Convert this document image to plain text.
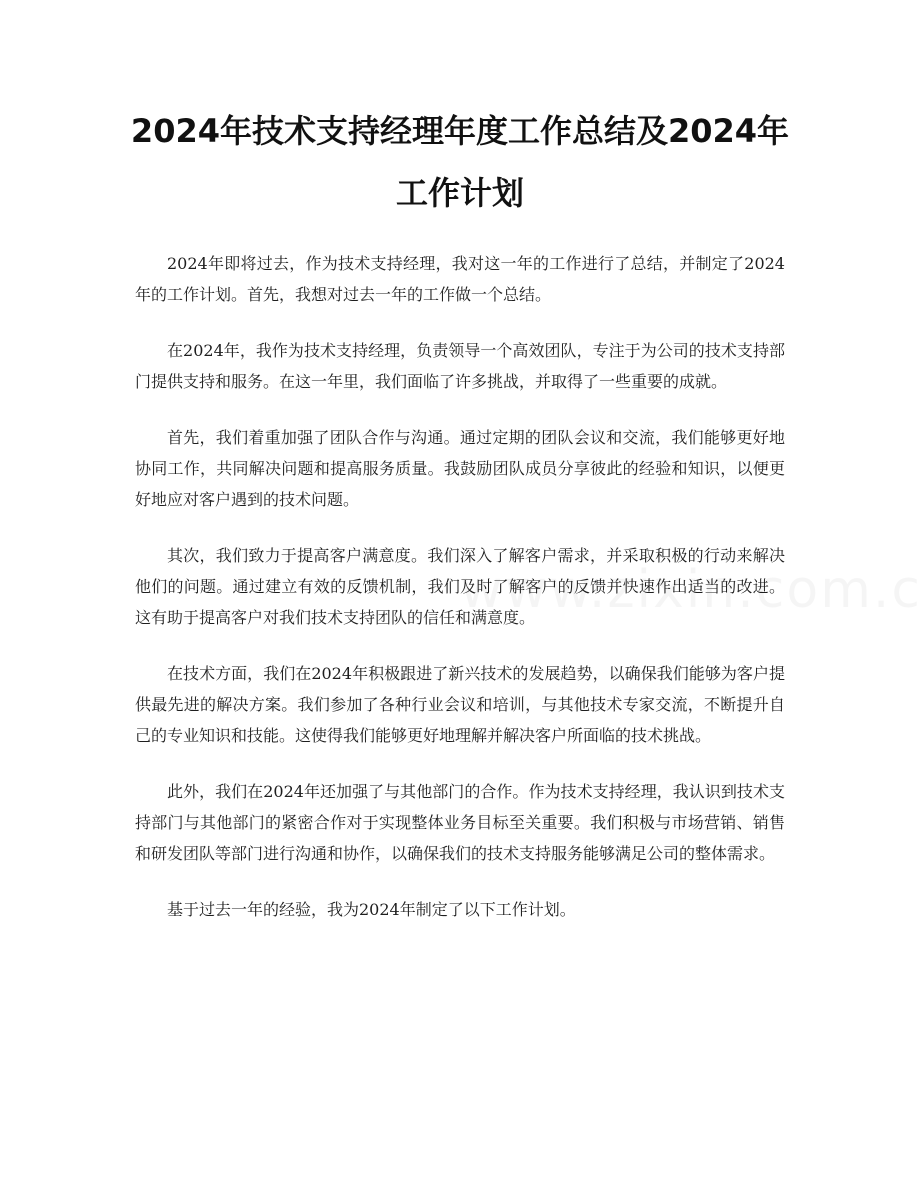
2024年技术支持经理年度工作总结及2024年工作计划

2024年即将过去，作为技术支持经理，我对这一年的工作进行了总结，并制定了2024年的工作计划。首先，我想对过去一年的工作做一个总结。

在2024年，我作为技术支持经理，负责领导一个高效团队，专注于为公司的技术支持部门提供支持和服务。在这一年里，我们面临了许多挑战，并取得了一些重要的成就。

首先，我们着重加强了团队合作与沟通。通过定期的团队会议和交流，我们能够更好地协同工作，共同解决问题和提高服务质量。我鼓励团队成员分享彼此的经验和知识，以便更好地应对客户遇到的技术问题。

其次，我们致力于提高客户满意度。我们深入了解客户需求，并采取积极的行动来解决他们的问题。通过建立有效的反馈机制，我们及时了解客户的反馈并快速作出适当的改进。这有助于提高客户对我们技术支持团队的信任和满意度。

在技术方面，我们在2024年积极跟进了新兴技术的发展趋势，以确保我们能够为客户提供最先进的解决方案。我们参加了各种行业会议和培训，与其他技术专家交流，不断提升自己的专业知识和技能。这使得我们能够更好地理解并解决客户所面临的技术挑战。

此外，我们在2024年还加强了与其他部门的合作。作为技术支持经理，我认识到技术支持部门与其他部门的紧密合作对于实现整体业务目标至关重要。我们积极与市场营销、销售和研发团队等部门进行沟通和协作，以确保我们的技术支持服务能够满足公司的整体需求。

基于过去一年的经验，我为2024年制定了以下工作计划。
